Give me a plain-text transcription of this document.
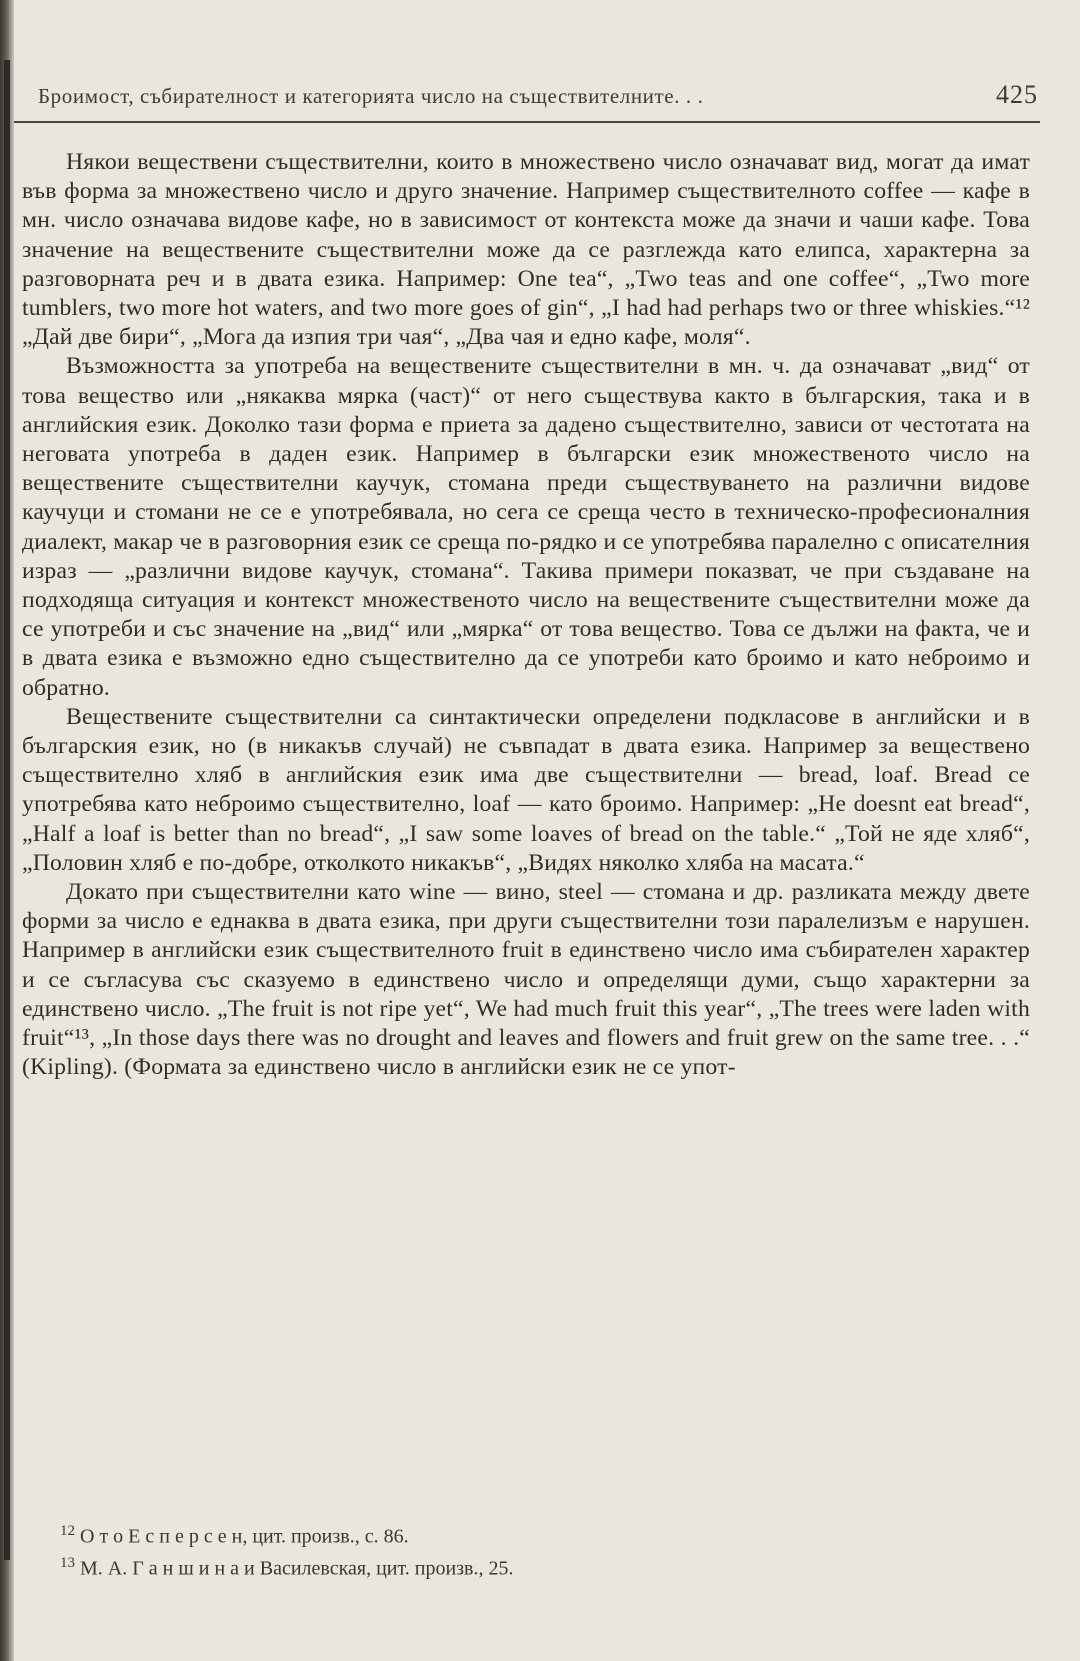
Броимост, събирателност и категорията число на съществителните. . .	425

Някои веществени съществителни, които в множествено число означават вид, могат да имат във форма за множествено число и друго значение. Например съществителното coffee — кафе в мн. число означава видове кафе, но в зависимост от контекста може да значи и чаши кафе. Това значение на веществените съществителни може да се разглежда като елипса, характерна за разговорната реч и в двата езика. Например: One tea“, „Two teas and one coffee“, „Two more tumblers, two more hot waters, and two more goes of gin“, „I had had perhaps two or three whiskies.“¹² „Дай две бири“, „Мога да изпия три чая“, „Два чая и едно кафе, моля“.

Възможността за употреба на веществените съществителни в мн. ч. да означават „вид“ от това вещество или „някаква мярка (част)“ от него съществува както в българския, така и в английския език. Доколко тази форма е приета за дадено съществително, зависи от честотата на неговата употреба в даден език. Например в български език множественото число на веществените съществителни каучук, стомана преди съществуването на различни видове каучуци и стомани не се е употребявала, но сега се среща често в техническо-професионалния диалект, макар че в разговорния език се среща по-рядко и се употребява паралелно с описателния израз — „различни видове каучук, стомана“. Такива примери показват, че при създаване на подходяща ситуация и контекст множественото число на веществените съществителни може да се употреби и със значение на „вид“ или „мярка“ от това вещество. Това се дължи на факта, че и в двата езика е възможно едно съществително да се употреби като броимо и като неброимо и обратно.

Веществените съществителни са синтактически определени подкласове в английски и в българския език, но (в никакъв случай) не съвпадат в двата езика. Например за веществено съществително хляб в английския език има две съществителни — bread, loaf. Bread се употребява като неброимо съществително, loaf — като броимо. Например: „He doesnt eat bread“, „Half a loaf is better than no bread“, „I saw some loaves of bread on the table.“ „Той не яде хляб“, „Половин хляб е по-добре, отколкото никакъв“, „Видях няколко хляба на масата.“

Докато при съществителни като wine — вино, steel — стомана и др. разликата между двете форми за число е еднаква в двата езика, при други съществителни този паралелизъм е нарушен. Например в английски език съществителното fruit в единствено число има събирателен характер и се съгласува със сказуемо в единствено число и определящи думи, също характерни за единствено число. „The fruit is not ripe yet“, We had much fruit this year“, „The trees were laden with fruit“¹³, „In those days there was no drought and leaves and flowers and fruit grew on the same tree. . .“ (Kipling). (Формата за единствено число в английски език не се упот-

$^{12}$ О т о Е с п е р с е н, цит. произв., с. 86.

$^{13}$ М. А. Г а н ш и н а и Василевская, цит. произв., 25.
